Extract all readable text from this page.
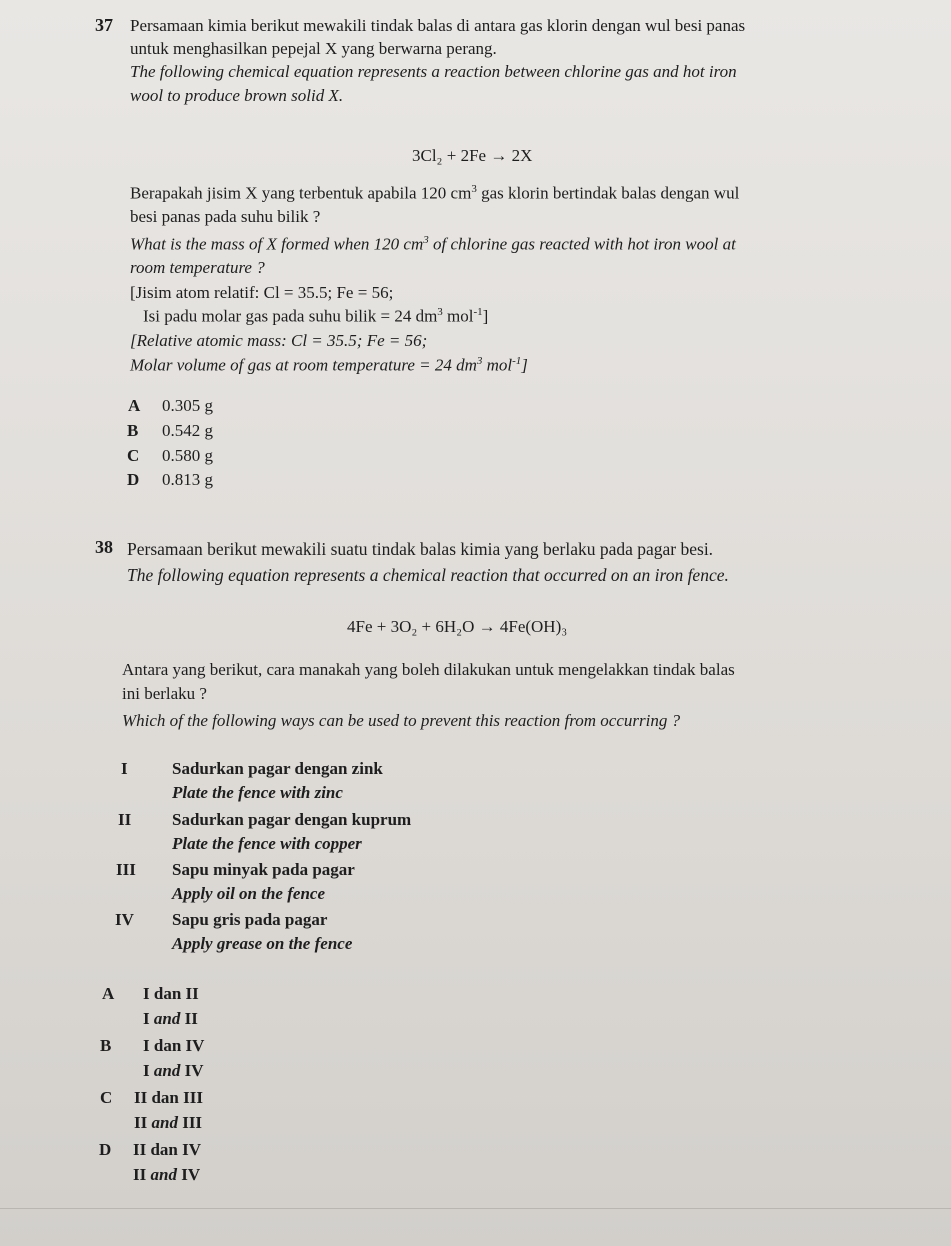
37 Persamaan kimia berikut mewakili tindak balas di antara gas klorin dengan wul besi panas
untuk menghasilkan pepejal X yang berwarna perang.
The following chemical equation represents a reaction between chlorine gas and hot iron
wool to produce brown solid X.
3Cl₂ + 2Fe → 2X
Berapakah jisim X yang terbentuk apabila 120 $cm^3$ gas klorin bertindak balas dengan wul
besi panas pada suhu bilik ?
What is the mass of X formed when 120 $cm^3$ of chlorine gas reacted with hot iron wool at
room temperature ?
[Jisim atom relatif: Cl = 35.5; Fe = 56;
Isi padu molar gas pada suhu bilik = 24 $dm^3$ mol$^{-1}$]
[Relative atomic mass: Cl = 35.5; Fe = 56;
Molar volume of gas at room temperature = 24 $dm^3$ mol$^{-1}$]
A 0.305 g
B 0.542 g
C 0.580 g
D 0.813 g
38 Persamaan berikut mewakili suatu tindak balas kimia yang berlaku pada pagar besi.
The following equation represents a chemical reaction that occurred on an iron fence.
4Fe + 3O₂ + 6H₂O → 4Fe(OH)₃
Antara yang berikut, cara manakah yang boleh dilakukan untuk mengelakkan tindak balas
ini berlaku ?
Which of the following ways can be used to prevent this reaction from occurring ?
I	Sadurkan pagar dengan zink
Plate the fence with zinc
II Sadurkan pagar dengan kuprum
Plate the fence with copper
III Sapu minyak pada pagar
Apply oil on the fence
IV Sapu gris pada pagar
Apply grease on the fence
A I dan II
I and II
B I dan IV
I and IV
C II dan III
II and III
D II dan IV
II and IV
